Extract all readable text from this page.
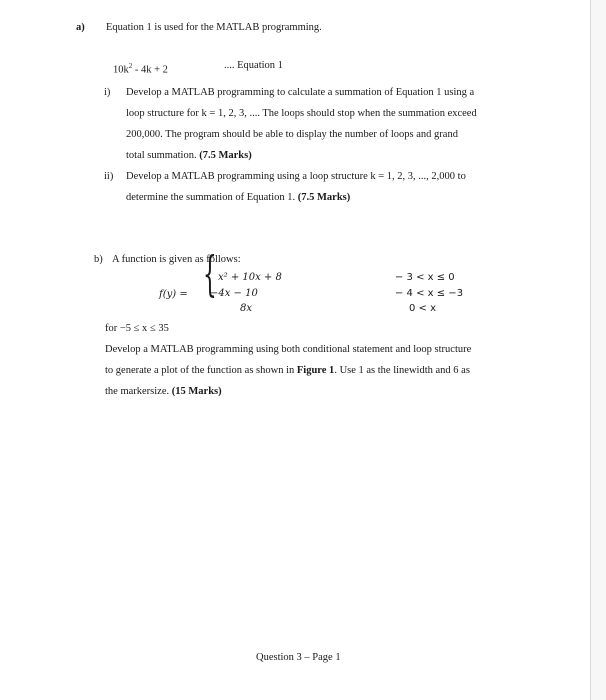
a) Equation 1 is used for the MATLAB programming.
$10k^2 - 4k + 2$	.... Equation 1
i) Develop a MATLAB programming to calculate a summation of Equation 1 using a
loop structure for k = 1, 2, 3, .... The loops should stop when the summation exceed
200,000. The program should be able to display the number of loops and grand
total summation. (7.5 Marks)
ii) Develop a MATLAB programming using a loop structure k = 1, 2, 3, ..., 2,000 to
determine the summation of Equation 1. (7.5 Marks)
b) A function is given as follows:
f(y) = { x² + 10x + 8
−4x − 10
8x
− 3 < x ≤ 0
− 4 < x ≤ −3
0 < x
for −5 ≤ x ≤ 35
Develop a MATLAB programming using both conditional statement and loop structure
to generate a plot of the function as shown in Figure 1. Use 1 as the linewidth and 6 as
the markersize. (15 Marks)
Question 3 – Page 1
